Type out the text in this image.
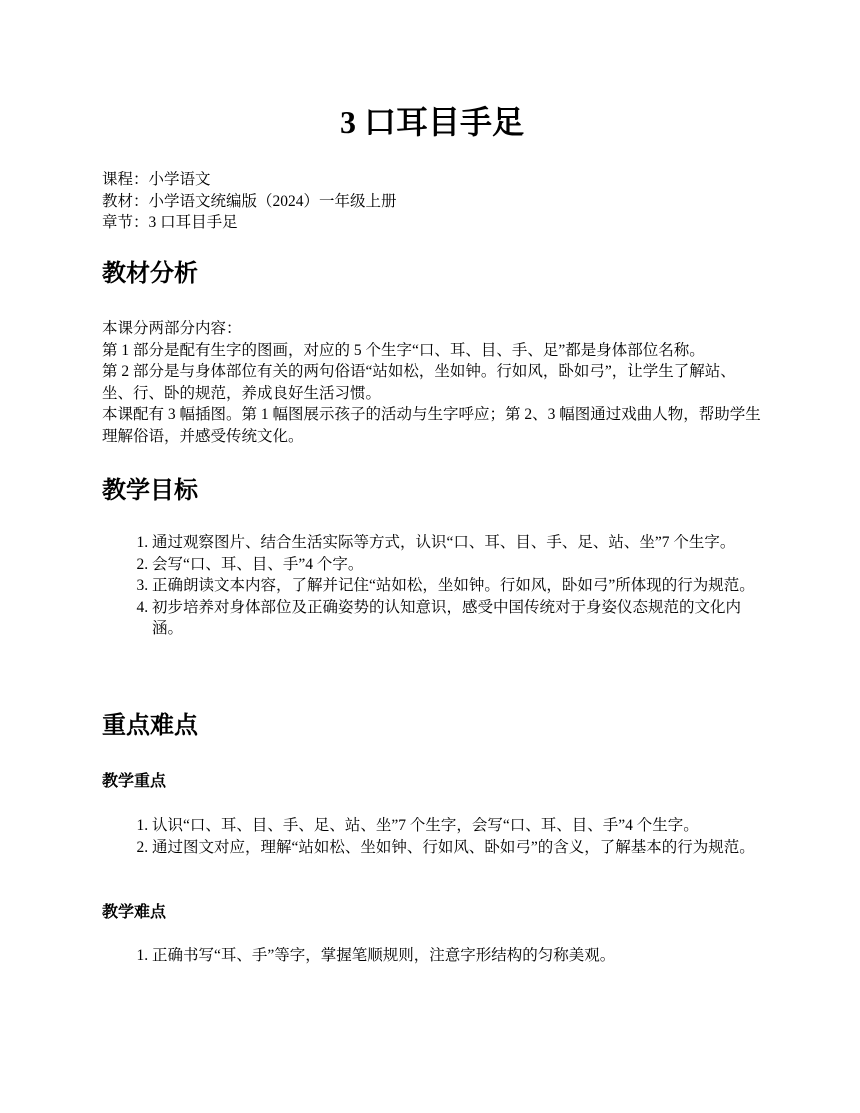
3 口耳目手足
课程：小学语文
教材：小学语文统编版（2024）一年级上册
章节：3 口耳目手足
教材分析

本课分两部分内容：

第 1 部分是配有生字的图画，对应的 5 个生字“口、耳、目、手、足”都是身体部位名称。

第 2 部分是与身体部位有关的两句俗语“站如松，坐如钟。行如风，卧如弓”，让学生了解站、坐、行、卧的规范，养成良好生活习惯。

本课配有 3 幅插图。第 1 幅图展示孩子的活动与生字呼应；第 2、3 幅图通过戏曲人物，帮助学生理解俗语，并感受传统文化。

教学目标
1. 通过观察图片、结合生活实际等方式，认识“口、耳、目、手、足、站、坐”7 个生字。
2. 会写“口、耳、目、手”4 个字。
3. 正确朗读文本内容，了解并记住“站如松，坐如钟。行如风，卧如弓”所体现的行为规范。
4. 初步培养对身体部位及正确姿势的认知意识，感受中国传统对于身姿仪态规范的文化内涵。
重点难点
教学重点
1. 认识“口、耳、目、手、足、站、坐”7 个生字，会写“口、耳、目、手”4 个生字。
2. 通过图文对应，理解“站如松、坐如钟、行如风、卧如弓”的含义，了解基本的行为规范。
教学难点
1. 正确书写“耳、手”等字，掌握笔顺规则，注意字形结构的匀称美观。
